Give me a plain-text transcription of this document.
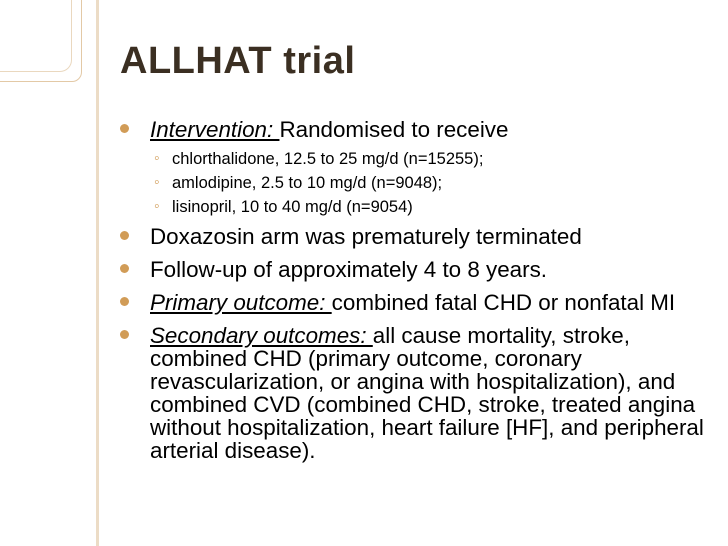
ALLHAT trial
Intervention: Randomised to receive
◦ chlorthalidone, 12.5 to 25 mg/d (n=15255);
◦ amlodipine, 2.5 to 10 mg/d (n=9048);
◦ lisinopril, 10 to 40 mg/d (n=9054)
Doxazosin arm was prematurely terminated
Follow-up of approximately 4 to 8 years.
Primary outcome: combined fatal CHD or nonfatal MI
Secondary outcomes: all cause mortality, stroke, combined CHD (primary outcome, coronary revascularization, or angina with hospitalization), and combined CVD (combined CHD, stroke, treated angina without hospitalization, heart failure [HF], and peripheral arterial disease).
